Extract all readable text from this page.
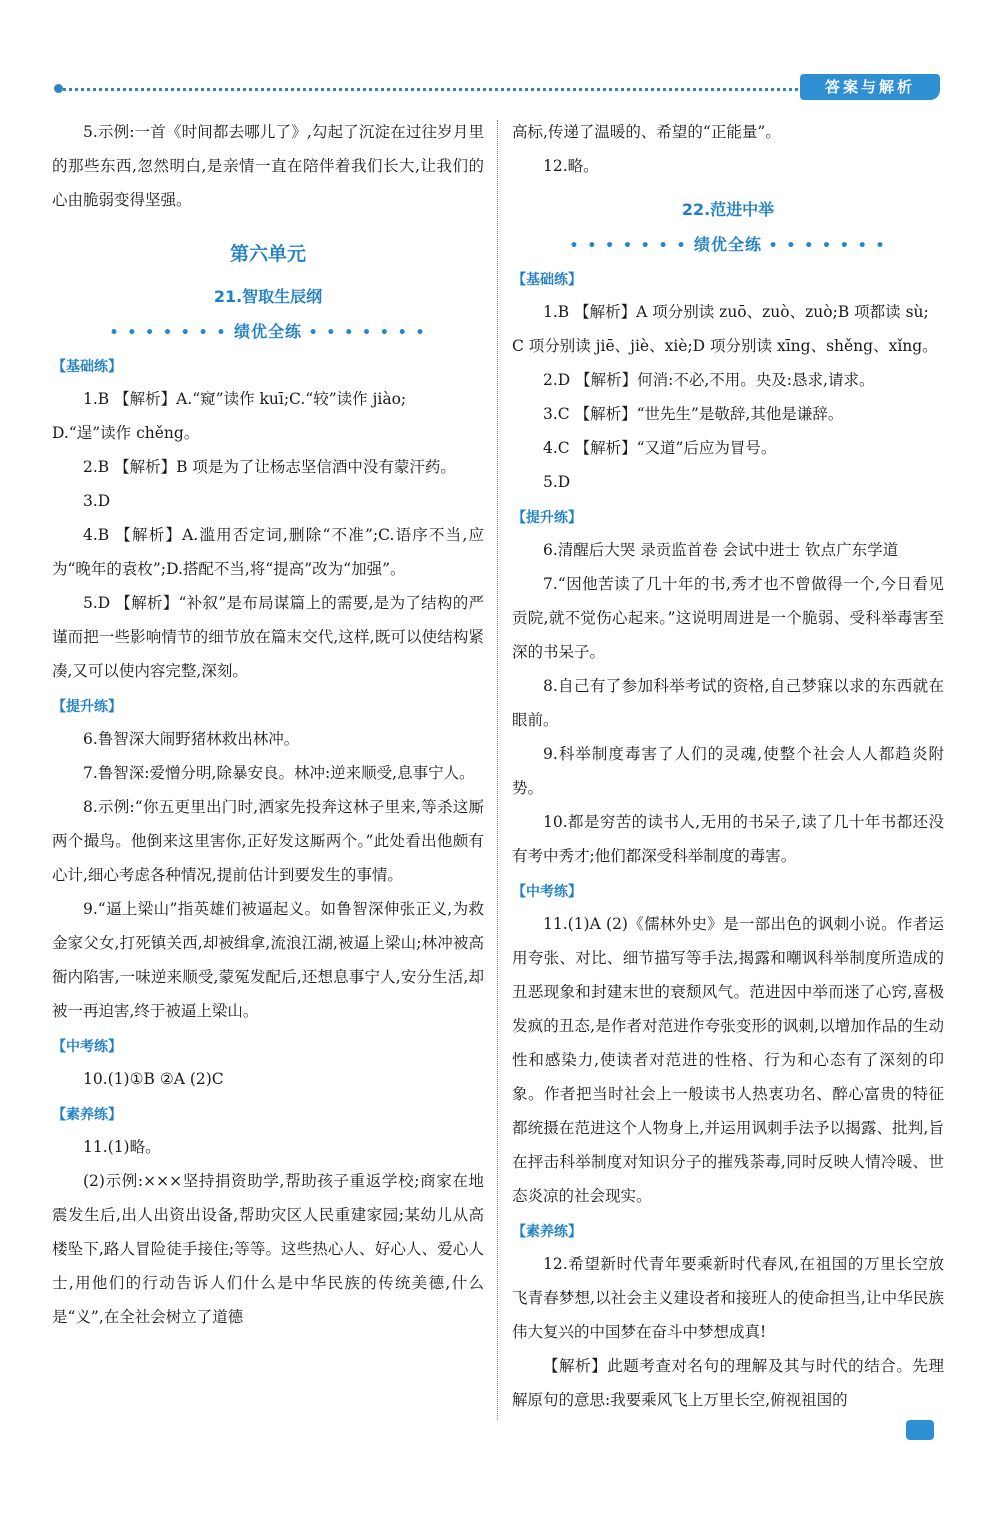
答案与解析

5.示例:一首《时间都去哪儿了》,勾起了沉淀在过往岁月里的那些东西,忽然明白,是亲情一直在陪伴着我们长大,让我们的心由脆弱变得坚强。

第六单元
21.智取生辰纲
• • • • • • • 绩优全练 • • • • • • •
【基础练】

1.B 【解析】A.“窥”读作 kuī;C.“较”读作 jiào;

D.“逞”读作 chěng。

2.B 【解析】B 项是为了让杨志坚信酒中没有蒙汗药。

3.D

4.B 【解析】A.滥用否定词,删除“不准”;C.语序不当,应为“晚年的袁枚”;D.搭配不当,将“提高”改为“加强”。

5.D 【解析】“补叙”是布局谋篇上的需要,是为了结构的严谨而把一些影响情节的细节放在篇末交代,这样,既可以使结构紧凑,又可以使内容完整,深刻。

【提升练】

6.鲁智深大闹野猪林救出林冲。

7.鲁智深:爱憎分明,除暴安良。林冲:逆来顺受,息事宁人。

8.示例:“你五更里出门时,洒家先投奔这林子里来,等杀这厮两个撮鸟。他倒来这里害你,正好发这厮两个。”此处看出他颇有心计,细心考虑各种情况,提前估计到要发生的事情。

9.“逼上梁山”指英雄们被逼起义。如鲁智深伸张正义,为救金家父女,打死镇关西,却被缉拿,流浪江湖,被逼上梁山;林冲被高衙内陷害,一味逆来顺受,蒙冤发配后,还想息事宁人,安分生活,却被一再迫害,终于被逼上梁山。

【中考练】

10.(1)①B ②A (2)C

【素养练】

11.(1)略。

(2)示例:×××坚持捐资助学,帮助孩子重返学校;商家在地震发生后,出人出资出设备,帮助灾区人民重建家园;某幼儿从高楼坠下,路人冒险徒手接住;等等。这些热心人、好心人、爱心人士,用他们的行动告诉人们什么是中华民族的传统美德,什么是“义”,在全社会树立了道德

高标,传递了温暖的、希望的“正能量”。

12.略。

22.范进中举
• • • • • • • 绩优全练 • • • • • • •
【基础练】

1.B 【解析】A 项分别读 zuō、zuò、zuò;B 项都读 sù;

C 项分别读 jiē、jiè、xiè;D 项分别读 xīng、shěng、xǐng。

2.D 【解析】何消:不必,不用。央及:恳求,请求。

3.C 【解析】“世先生”是敬辞,其他是谦辞。

4.C 【解析】“又道”后应为冒号。

5.D

【提升练】

6.清醒后大哭 录贡监首卷 会试中进士 钦点广东学道

7.“因他苦读了几十年的书,秀才也不曾做得一个,今日看见贡院,就不觉伤心起来。”这说明周进是一个脆弱、受科举毒害至深的书呆子。

8.自己有了参加科举考试的资格,自己梦寐以求的东西就在眼前。

9.科举制度毒害了人们的灵魂,使整个社会人人都趋炎附势。

10.都是穷苦的读书人,无用的书呆子,读了几十年书都还没有考中秀才;他们都深受科举制度的毒害。

【中考练】

11.(1)A (2)《儒林外史》是一部出色的讽刺小说。作者运用夸张、对比、细节描写等手法,揭露和嘲讽科举制度所造成的丑恶现象和封建末世的衰颓风气。范进因中举而迷了心窍,喜极发疯的丑态,是作者对范进作夸张变形的讽刺,以增加作品的生动性和感染力,使读者对范进的性格、行为和心态有了深刻的印象。作者把当时社会上一般读书人热衷功名、醉心富贵的特征都统摄在范进这个人物身上,并运用讽刺手法予以揭露、批判,旨在抨击科举制度对知识分子的摧残荼毒,同时反映人情冷暖、世态炎凉的社会现实。

【素养练】

12.希望新时代青年要乘新时代春风,在祖国的万里长空放飞青春梦想,以社会主义建设者和接班人的使命担当,让中华民族伟大复兴的中国梦在奋斗中梦想成真!

【解析】此题考查对名句的理解及其与时代的结合。先理解原句的意思:我要乘风飞上万里长空,俯视祖国的
